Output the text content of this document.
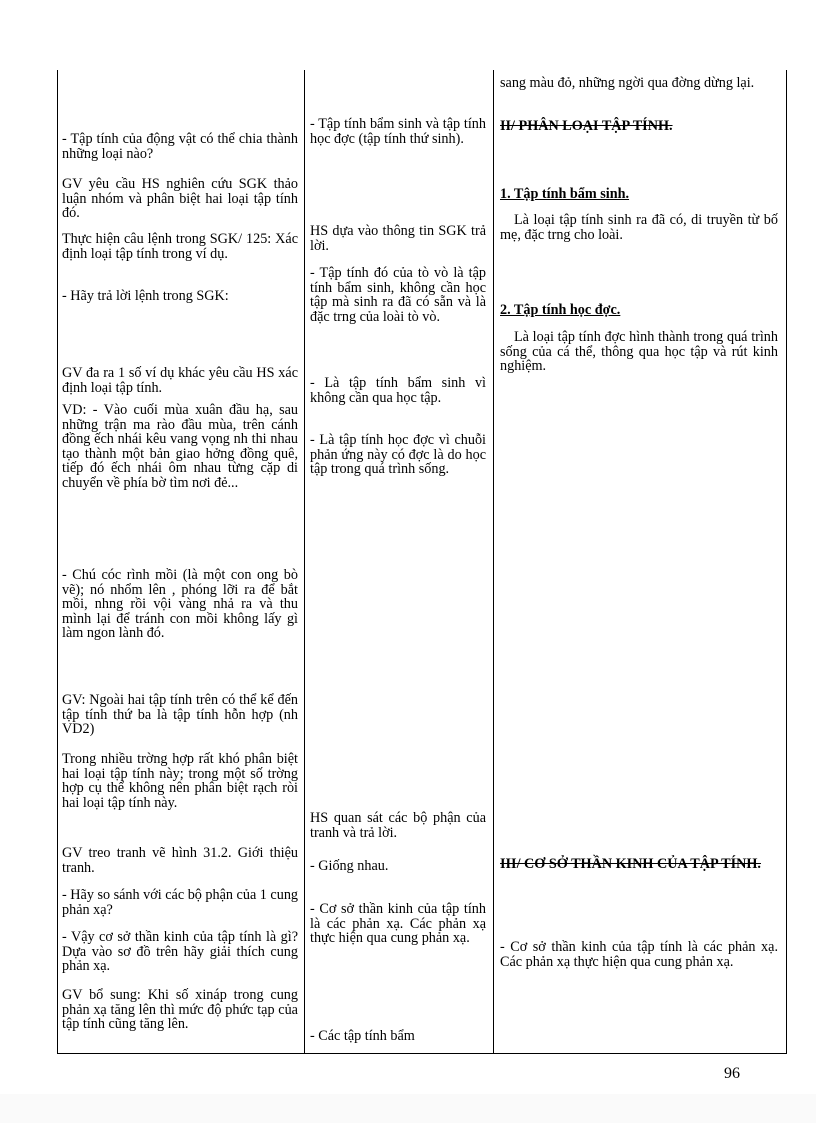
- Tập tính của động vật có thể chia thành những loại nào?
GV yêu cầu HS nghiên cứu SGK thảo luận nhóm và phân biệt hai loại tập tính đó.
Thực hiện câu lệnh trong SGK/ 125: Xác định loại tập tính trong ví dụ.
- Hãy trả lời lệnh trong SGK:
GV đa ra 1 số ví dụ khác yêu cầu HS xác định loại tập tính.
VD: - Vào cuối mùa xuân đầu hạ, sau những trận ma rào đầu mùa, trên cánh đồng ếch nhái kêu vang vọng nh thi nhau tạo thành một bản giao hởng đồng quê, tiếp đó ếch nhái ôm nhau từng cặp di chuyển về phía bờ tìm nơi đẻ...
- Chú cóc rình mồi (là một con ong bò vẽ); nó nhổm lên , phóng lỡi ra để bắt mồi, nhng rồi vội vàng nhả ra và thu mình lại để tránh con mồi không lấy gì làm ngon lành đó.
GV: Ngoài hai tập tính trên có thể kể đến tập tính thứ ba là tập tính hỗn hợp (nh VD2)
Trong nhiều trờng hợp rất khó phân biệt hai loại tập tính này; trong một số trờng hợp cụ thể không nên phân biệt rạch ròi hai loại tập tính này.
GV treo tranh vẽ hình 31.2. Giới thiệu tranh.
- Hãy so sánh với các bộ phận của 1 cung phản xạ?
- Vậy cơ sở thần kinh của tập tính là gì? Dựa vào sơ đồ trên hãy giải thích cung phản xạ.
GV bổ sung: Khi số xináp trong cung phản xạ tăng lên thì mức độ phức tạp của tập tính cũng tăng lên.
- Tập tính bẩm sinh và tập tính học đợc (tập tính thứ sinh).
HS dựa vào thông tin SGK trả lời.
- Tập tính đó của tò vò là tập tính bẩm sinh, không cần học tập mà sinh ra đã có sẵn và là đặc trng của loài tò vò.
- Là tập tính bẩm sinh vì không cần qua học tập.
- Là tập tính học đợc vì chuỗi phản ứng này có đợc là do học tập trong quá trình sống.
HS quan sát các bộ phận của tranh và trả lời.
- Giống nhau.
- Cơ sở thần kinh của tập tính là các phản xạ. Các phản xạ thực hiện qua cung phản xạ.
- Các tập tính bẩm
sang màu đỏ, những ngời qua đờng dừng lại.
II/ PHÂN LOẠI TẬP TÍNH.
1. Tập tính bẩm sinh.
Là loại tập tính sinh ra đã có, di truyền từ bố mẹ, đặc trng cho loài.
2. Tập tính học đợc.
Là loại tập tính đợc hình thành trong quá trình sống của cá thể, thông qua học tập và rút kinh nghiệm.
III/ CƠ SỞ THẦN KINH CỦA TẬP TÍNH.
- Cơ sở thần kinh của tập tính là các phản xạ. Các phản xạ thực hiện qua cung phản xạ.
96
